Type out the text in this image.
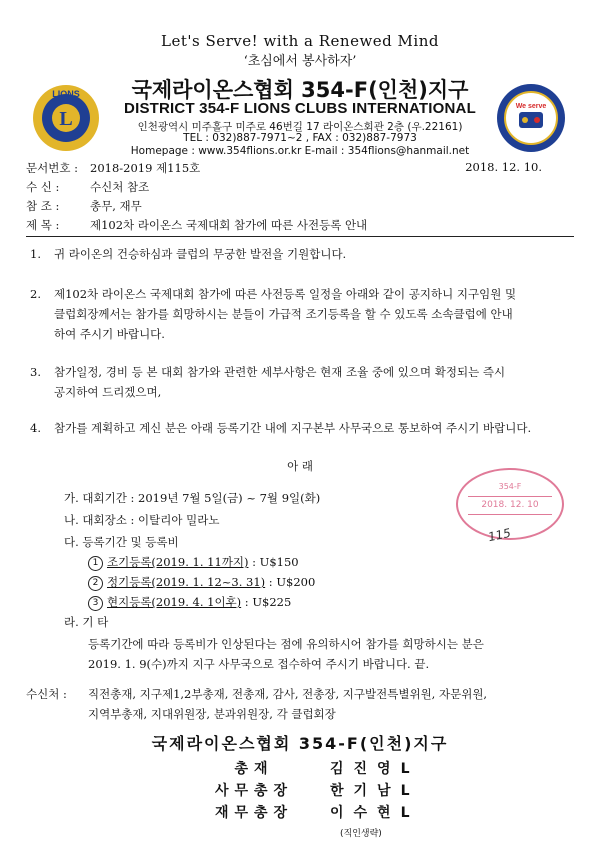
Let's Serve! with a Renewed Mind
‘초심에서 봉사하자’
L
LIONS
We serve
국제라이온스협회 354-F(인천)지구
DISTRICT 354-F LIONS CLUBS INTERNATIONAL
인천광역시 미주홀구 미주로 46번길 17 라이온스회관 2층 (우.22161)
TEL : 032)887-7971~2 , FAX : 032)887-7973
Homepage : www.354flions.or.kr E-mail : 354flions@hanmail.net
문서번호 : 2018-2019 제115호	2018. 12. 10.
수 신 :	수신처 참조
참 조 :	총무, 재무
제 목 :	제102차 라이온스 국제대회 참가에 따른 사전등록 안내
1. 귀 라이온의 건승하심과 클럽의 무궁한 발전을 기원합니다.
2. 제102차 라이온스 국제대회 참가에 따른 사전등록 일정을 아래와 같이 공지하니 지구임원 및
클럽회장께서는 참가를 희망하시는 분들이 가급적 조기등록을 할 수 있도록 소속클럽에 안내
하여 주시기 바랍니다.
3. 참가일정, 경비 등 본 대회 참가와 관련한 세부사항은 현재 조율 중에 있으며 확정되는 즉시
공지하여 드리겠으며,
4. 참가를 계획하고 계신 분은 아래 등록기간 내에 지구본부 사무국으로 통보하여 주시기 바랍니다.
아 래
가. 대회기간 : 2019년 7월 5일(금) ~ 7월 9일(화)
나. 대회장소 : 이탈리아 밀라노
다. 등록기간 및 등록비
1 조기등록(2019. 1. 11까지) : U$150
2 정기등록(2019. 1. 12~3. 31) : U$200
3 현지등록(2019. 4. 1이후) : U$225
라. 기 타
등록기간에 따라 등록비가 인상된다는 점에 유의하시어 참가를 희망하시는 분은
2019. 1. 9(수)까지 지구 사무국으로 접수하여 주시기 바랍니다. 끝.
354-F
2018. 12. 10
115
수신처 : 직전총재, 지구제1,2부총재, 전총재, 감사, 전총장, 지구발전특별위원, 자문위원,
지역부총재, 지대위원장, 분과위원장, 각 클럽회장
국제라이온스협회 354-F(인천)지구
총재	김진영L
사무총장	한기남L
재무총장	이수현L
(직인생략)
